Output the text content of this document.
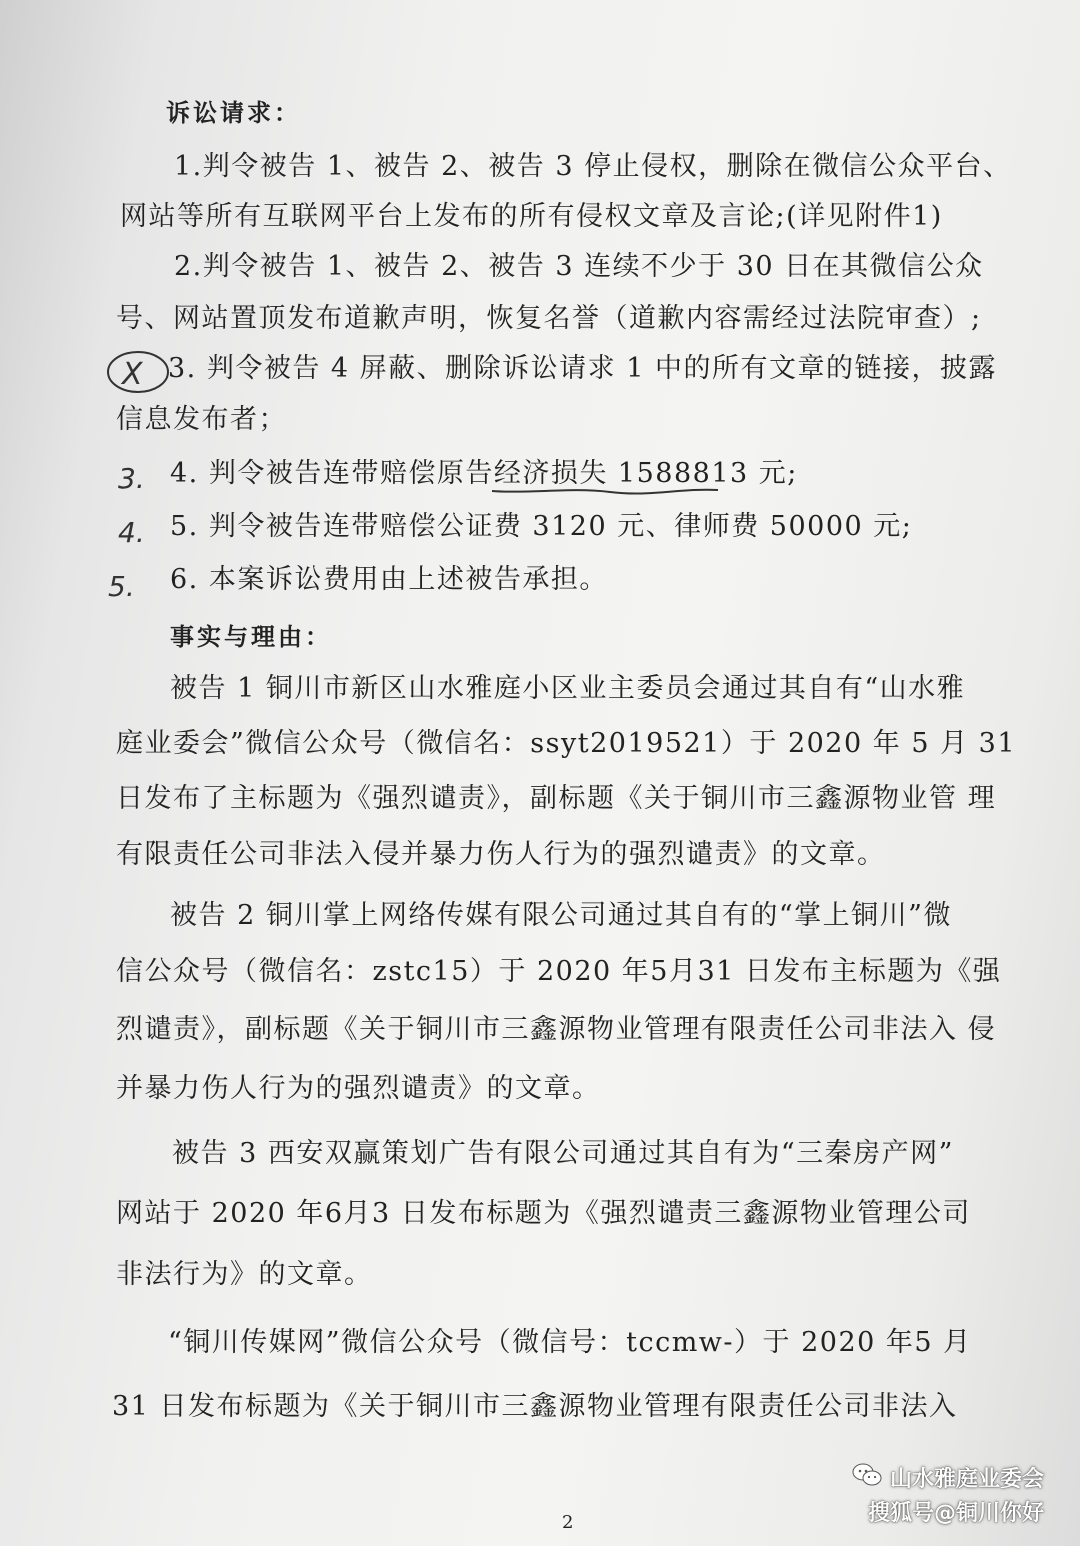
诉讼请求：
1.判令被告 1、被告 2、被告 3 停止侵权，删除在微信公众平台、
网站等所有互联网平台上发布的所有侵权文章及言论;(详见附件1)
2.判令被告 1、被告 2、被告 3 连续不少于 30 日在其微信公众
号、网站置顶发布道歉声明，恢复名誉（道歉内容需经过法院审查）;
X 3. 判令被告 4 屏蔽、删除诉讼请求 1 中的所有文章的链接，披露
信息发布者；
3. 4. 判令被告连带赔偿原告经济损失 1588813 元;
4. 5. 判令被告连带赔偿公证费 3120 元、律师费 50000 元;
5. 6. 本案诉讼费用由上述被告承担。
事实与理由：
被告 1 铜川市新区山水雅庭小区业主委员会通过其自有“山水雅
庭业委会”微信公众号（微信名：ssyt2019521）于 2020 年 5 月 31
日发布了主标题为《强烈谴责》，副标题《关于铜川市三鑫源物业管 理
有限责任公司非法入侵并暴力伤人行为的强烈谴责》的文章。
被告 2 铜川掌上网络传媒有限公司通过其自有的“掌上铜川”微
信公众号（微信名：zstc15）于 2020 年5月31 日发布主标题为《强
烈谴责》，副标题《关于铜川市三鑫源物业管理有限责任公司非法入 侵
并暴力伤人行为的强烈谴责》的文章。
被告 3 西安双赢策划广告有限公司通过其自有为“三秦房产网”
网站于 2020 年6月3 日发布标题为《强烈谴责三鑫源物业管理公司
非法行为》的文章。
“铜川传媒网”微信公众号（微信号：tccmw-）于 2020 年5 月
31 日发布标题为《关于铜川市三鑫源物业管理有限责任公司非法入
2
山水雅庭业委会
搜狐号@铜川你好
